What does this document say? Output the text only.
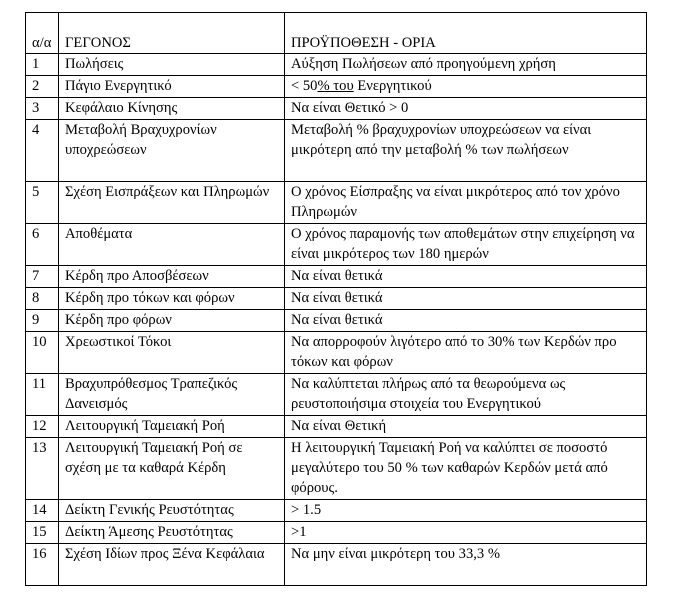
α/α	ΓΕΓΟΝΟΣ	ΠΡΟΫΠΟΘΕΣΗ - ΟΡΙΑ
1	Πωλήσεις	Αύξηση Πωλήσεων από προηγούμενη χρήση
2	Πάγιο Ενεργητικό	< 50% του Ενεργητικού
3	Κεφάλαιο Κίνησης	Να είναι Θετικό > 0
4	Μεταβολή Βραχυχρονίων υποχρεώσεων	Μεταβολή % βραχυχρονίων υποχρεώσεων να είναι μικρότερη από την μεταβολή % των πωλήσεων
5	Σχέση Εισπράξεων και Πληρωμών	Ο χρόνος Είσπραξης να είναι μικρότερος από τον χρόνο Πληρωμών
6	Αποθέματα	Ο χρόνος παραμονής των αποθεμάτων στην επιχείρηση να είναι μικρότερος των 180 ημερών
7	Κέρδη προ Αποσβέσεων	Να είναι θετικά
8	Κέρδη προ τόκων και φόρων	Να είναι θετικά
9	Κέρδη προ φόρων	Να είναι θετικά
10	Χρεωστικοί Τόκοι	Να απορροφούν λιγότερο από το 30% των Κερδών προ τόκων και φόρων
11	Βραχυπρόθεσμος Τραπεζικός Δανεισμός	Να καλύπτεται πλήρως από τα θεωρούμενα ως ρευστοποιήσιμα στοιχεία του Ενεργητικού
12	Λειτουργική Ταμειακή Ροή	Να είναι Θετική
13	Λειτουργική Ταμειακή Ροή σε σχέση με τα καθαρά Κέρδη	Η λειτουργική Ταμειακή Ροή να καλύπτει σε ποσοστό μεγαλύτερο του 50 % των καθαρών Κερδών μετά από φόρους.
14	Δείκτη Γενικής Ρευστότητας	> 1.5
15	Δείκτη Άμεσης Ρευστότητας	>1
16	Σχέση Ιδίων προς Ξένα Κεφάλαια	Να μην είναι μικρότερη του 33,3 %
